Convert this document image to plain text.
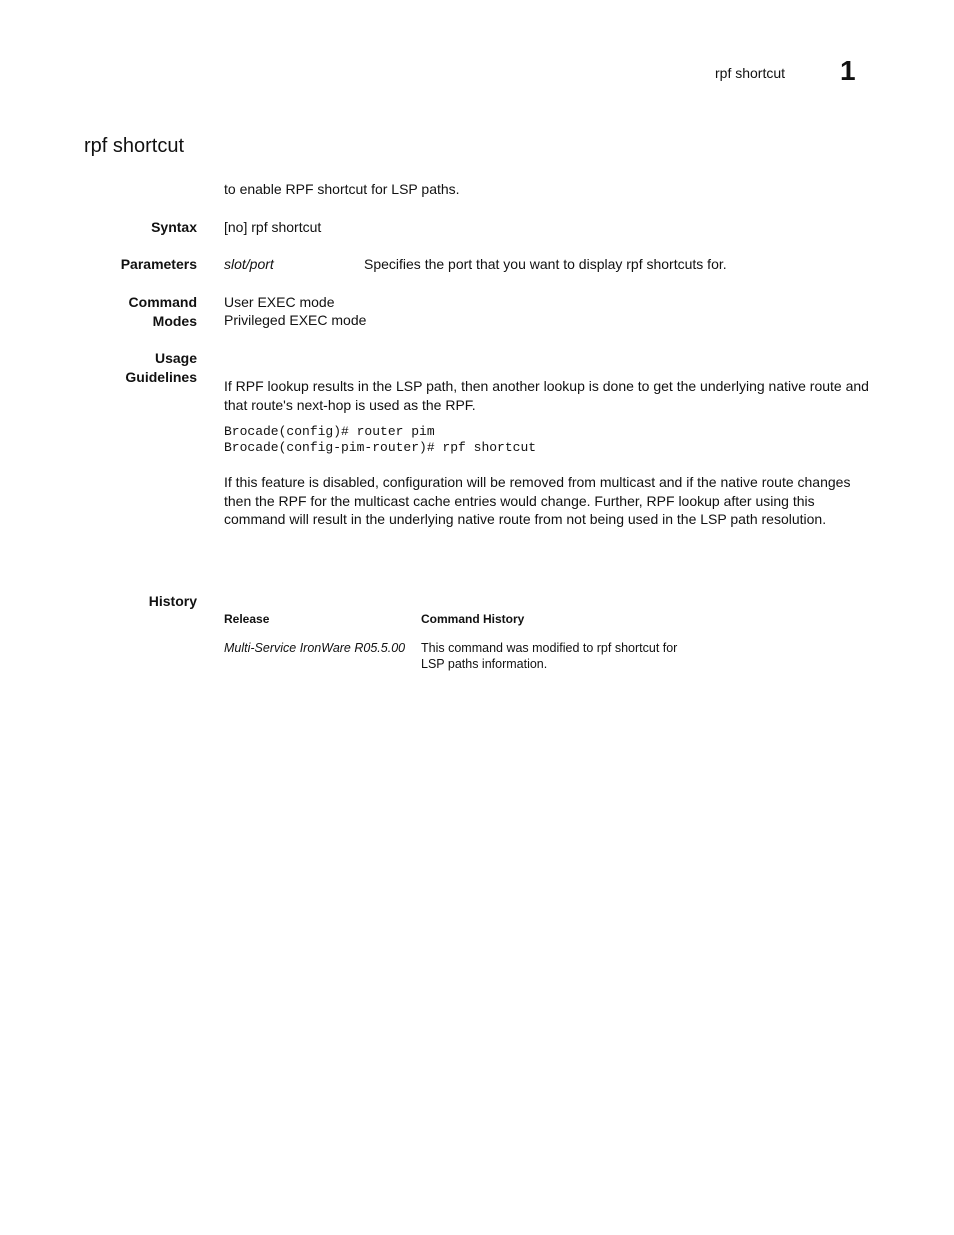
rpf shortcut 1
rpf shortcut
to enable RPF shortcut for LSP paths.
Syntax [no] rpf shortcut
Parameters slot/port	Specifies the port that you want to display rpf shortcuts for.
Command
Modes
User EXEC mode
Privileged EXEC mode
Usage
Guidelines
If RPF lookup results in the LSP path, then another lookup is done to get the underlying native route and that route's next-hop is used as the RPF.
Brocade(config)# router pim
Brocade(config-pim-router)# rpf shortcut
If this feature is disabled, configuration will be removed from multicast and if the native route changes then the RPF for the multicast cache entries would change. Further, RPF lookup after using this command will result in the underlying native route from not being used in the LSP path resolution.
History
Release	Command History
Multi-Service IronWare R05.5.00 This command was modified to rpf shortcut for
LSP paths information.
